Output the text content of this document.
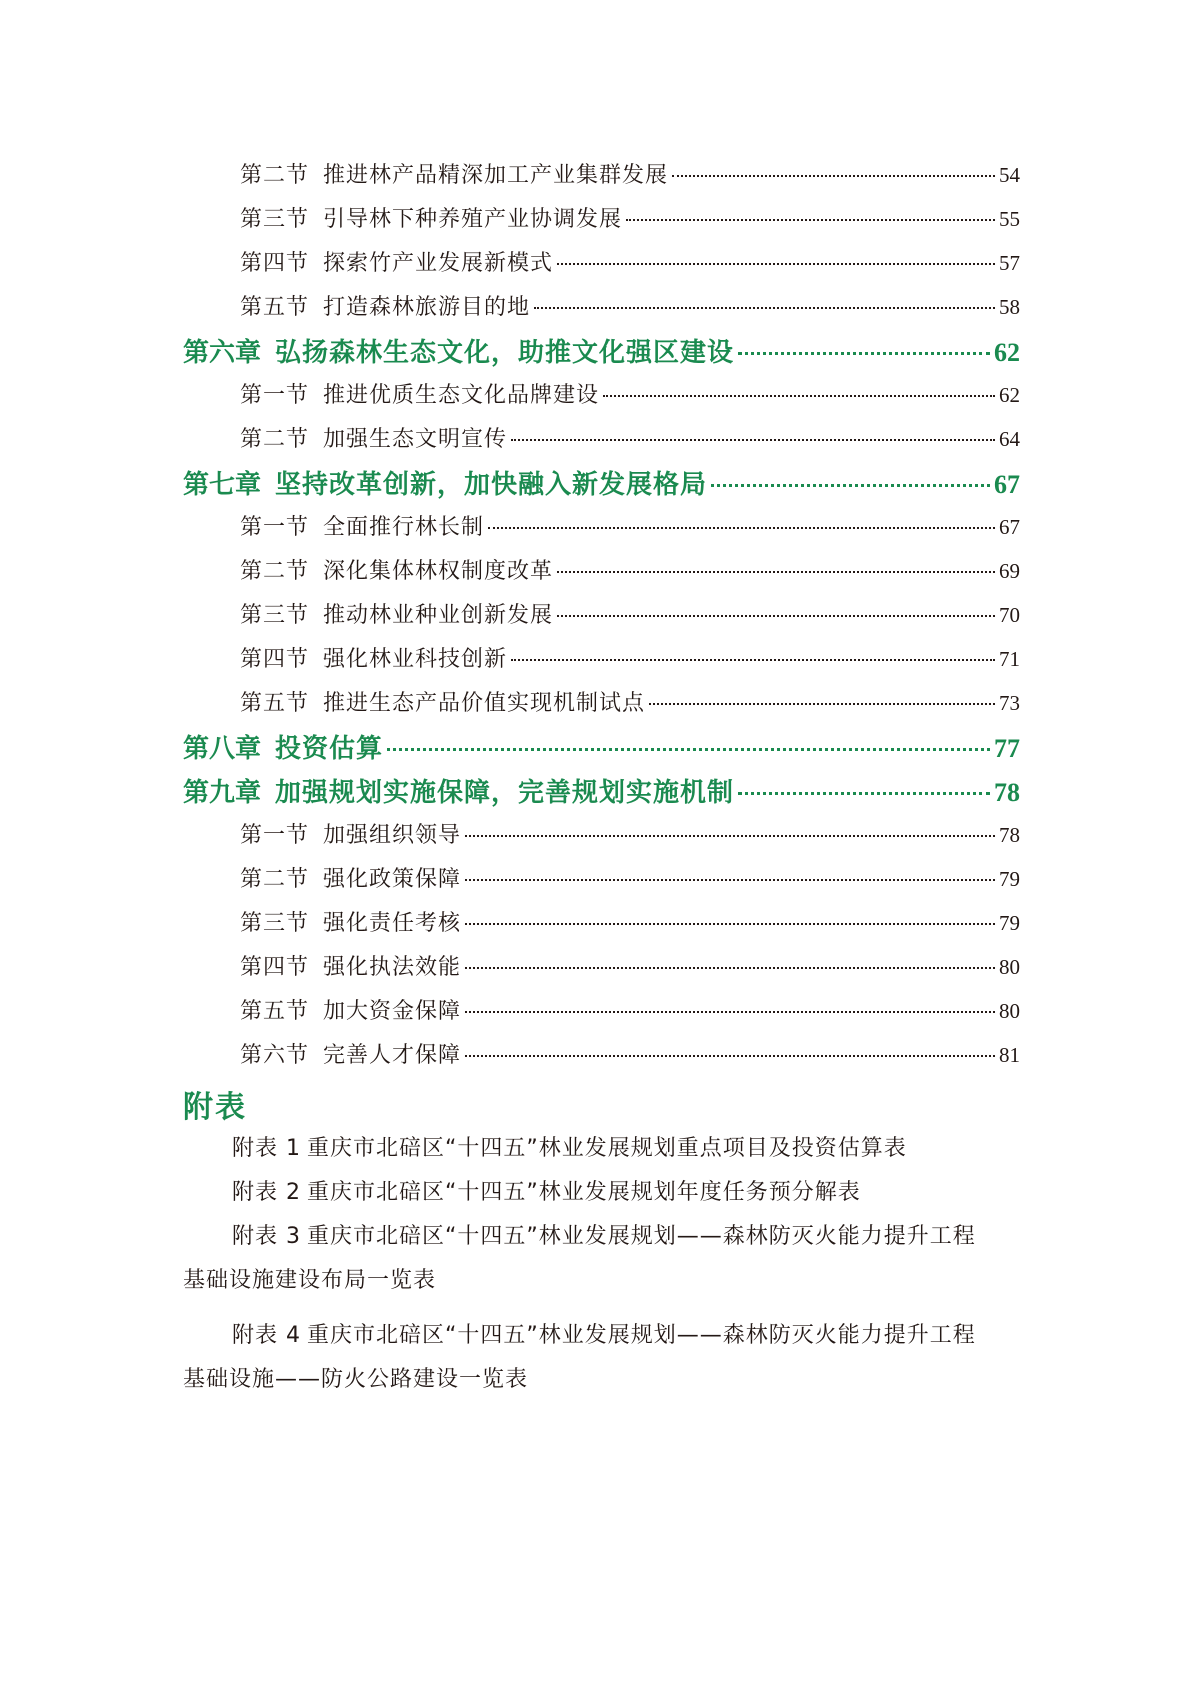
第二节 推进林产品精深加工产业集群发展	54
第三节 引导林下种养殖产业协调发展	55
第四节 探索竹产业发展新模式	57
第五节 打造森林旅游目的地	58
第六章 弘扬森林生态文化，助推文化强区建设	62
第一节 推进优质生态文化品牌建设	62
第二节 加强生态文明宣传	64
第七章 坚持改革创新，加快融入新发展格局	67
第一节 全面推行林长制	67
第二节 深化集体林权制度改革	69
第三节 推动林业种业创新发展	70
第四节 强化林业科技创新	71
第五节 推进生态产品价值实现机制试点	73
第八章 投资估算	77
第九章 加强规划实施保障，完善规划实施机制	78
第一节 加强组织领导	78
第二节 强化政策保障	79
第三节 强化责任考核	79
第四节 强化执法效能	80
第五节 加大资金保障	80
第六节 完善人才保障	81
附表
附表 1 重庆市北碚区“十四五”林业发展规划重点项目及投资估算表
附表 2 重庆市北碚区“十四五”林业发展规划年度任务预分解表
附表 3 重庆市北碚区“十四五”林业发展规划——森林防灭火能力提升工程
基础设施建设布局一览表
附表 4 重庆市北碚区“十四五”林业发展规划——森林防灭火能力提升工程
基础设施——防火公路建设一览表
